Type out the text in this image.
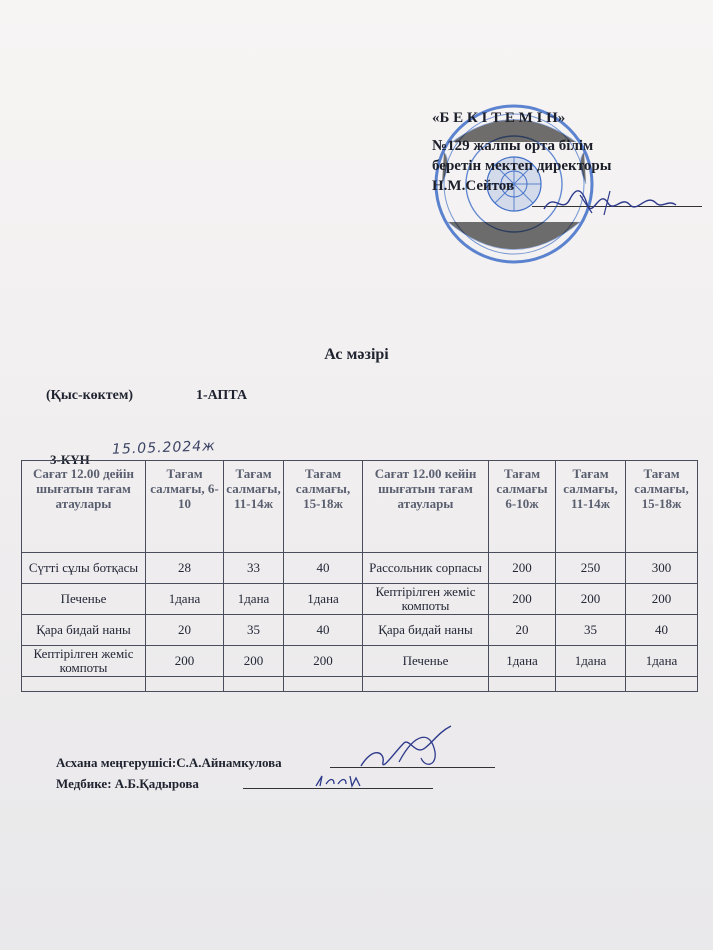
«Б Е К І Т Е М І Н»
№129 жалпы орта білім
беретін мектеп директоры
Н.М.Сейтов
Ас мәзірі
(Қыс-көктем)	1-АПТА
3-КҮН
15.05.2024ж
Сағат 12.00 дейін шығатын тағам атаулары	Тағам салмағы, 6-10	Тағам салмағы, 11-14ж	Тағам салмағы, 15-18ж	Сағат 12.00 кейін шығатын тағам атаулары	Тағам салмағы 6-10ж	Тағам салмағы, 11-14ж	Тағам салмағы, 15-18ж
Сүтті сұлы ботқасы	28	33	40	Рассольник сорпасы	200	250	300
Печенье	1дана	1дана	1дана	Кептірілген жеміс компоты	200	200	200
Қара бидай наны	20	35	40	Қара бидай наны	20	35	40
Кептірілген жеміс компоты	200	200	200	Печенье	1дана	1дана	1дана

Асхана меңгерушісі:С.А.Айнамкулова
Медбике: А.Б.Қадырова
